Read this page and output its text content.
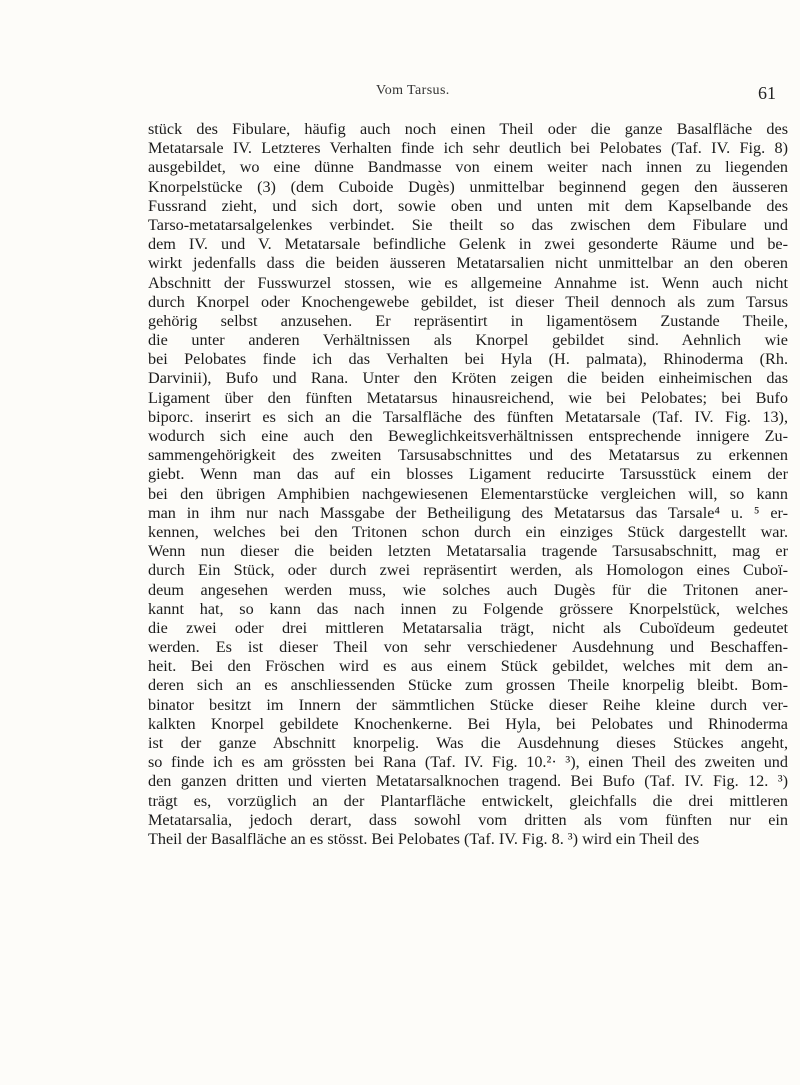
Vom Tarsus.	61
stück des Fibulare, häufig auch noch einen Theil oder die ganze Basalfläche des
Metatarsale IV. Letzteres Verhalten finde ich sehr deutlich bei Pelobates (Taf. IV. Fig. 8)
ausgebildet, wo eine dünne Bandmasse von einem weiter nach innen zu liegenden
Knorpelstücke (3) (dem Cuboide Dugès) unmittelbar beginnend gegen den äusseren
Fussrand zieht, und sich dort, sowie oben und unten mit dem Kapselbande des
Tarso-metatarsalgelenkes verbindet. Sie theilt so das zwischen dem Fibulare und
dem IV. und V. Metatarsale befindliche Gelenk in zwei gesonderte Räume und be-
wirkt jedenfalls dass die beiden äusseren Metatarsalien nicht unmittelbar an den oberen
Abschnitt der Fusswurzel stossen, wie es allgemeine Annahme ist. Wenn auch nicht
durch Knorpel oder Knochengewebe gebildet, ist dieser Theil dennoch als zum Tarsus
gehörig selbst anzusehen. Er repräsentirt in ligamentösem Zustande Theile,
die unter anderen Verhältnissen als Knorpel gebildet sind. Aehnlich wie
bei Pelobates finde ich das Verhalten bei Hyla (H. palmata), Rhinoderma (Rh.
Darvinii), Bufo und Rana. Unter den Kröten zeigen die beiden einheimischen das
Ligament über den fünften Metatarsus hinausreichend, wie bei Pelobates; bei Bufo
biporc. inserirt es sich an die Tarsalfläche des fünften Metatarsale (Taf. IV. Fig. 13),
wodurch sich eine auch den Beweglichkeitsverhältnissen entsprechende innigere Zu-
sammengehörigkeit des zweiten Tarsusabschnittes und des Metatarsus zu erkennen
giebt. Wenn man das auf ein blosses Ligament reducirte Tarsusstück einem der
bei den übrigen Amphibien nachgewiesenen Elementarstücke vergleichen will, so kann
man in ihm nur nach Massgabe der Betheiligung des Metatarsus das Tarsale⁴ u. ⁵ er-
kennen, welches bei den Tritonen schon durch ein einziges Stück dargestellt war.
Wenn nun dieser die beiden letzten Metatarsalia tragende Tarsusabschnitt, mag er
durch Ein Stück, oder durch zwei repräsentirt werden, als Homologon eines Cuboï-
deum angesehen werden muss, wie solches auch Dugès für die Tritonen aner-
kannt hat, so kann das nach innen zu Folgende grössere Knorpelstück, welches
die zwei oder drei mittleren Metatarsalia trägt, nicht als Cuboïdeum gedeutet
werden. Es ist dieser Theil von sehr verschiedener Ausdehnung und Beschaffen-
heit. Bei den Fröschen wird es aus einem Stück gebildet, welches mit dem an-
deren sich an es anschliessenden Stücke zum grossen Theile knorpelig bleibt. Bom-
binator besitzt im Innern der sämmtlichen Stücke dieser Reihe kleine durch ver-
kalkten Knorpel gebildete Knochenkerne. Bei Hyla, bei Pelobates und Rhinoderma
ist der ganze Abschnitt knorpelig. Was die Ausdehnung dieses Stückes angeht,
so finde ich es am grössten bei Rana (Taf. IV. Fig. 10.²· ³), einen Theil des zweiten und
den ganzen dritten und vierten Metatarsalknochen tragend. Bei Bufo (Taf. IV. Fig. 12. ³)
trägt es, vorzüglich an der Plantarfläche entwickelt, gleichfalls die drei mittleren
Metatarsalia, jedoch derart, dass sowohl vom dritten als vom fünften nur ein
Theil der Basalfläche an es stösst. Bei Pelobates (Taf. IV. Fig. 8. ³) wird ein Theil des
